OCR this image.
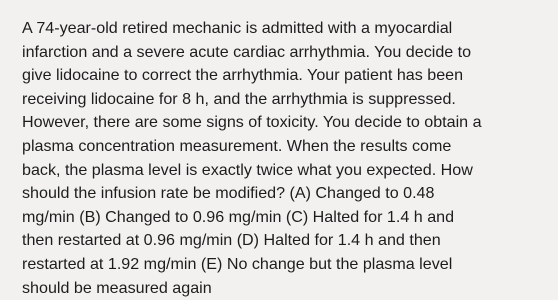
A 74-year-old retired mechanic is admitted with a myocardial
infarction and a severe acute cardiac arrhythmia. You decide to
give lidocaine to correct the arrhythmia. Your patient has been
receiving lidocaine for 8 h, and the arrhythmia is suppressed.
However, there are some signs of toxicity. You decide to obtain a
plasma concentration measurement. When the results come
back, the plasma level is exactly twice what you expected. How
should the infusion rate be modified? (A) Changed to 0.48
mg/min (B) Changed to 0.96 mg/min (C) Halted for 1.4 h and
then restarted at 0.96 mg/min (D) Halted for 1.4 h and then
restarted at 1.92 mg/min (E) No change but the plasma level
should be measured again
